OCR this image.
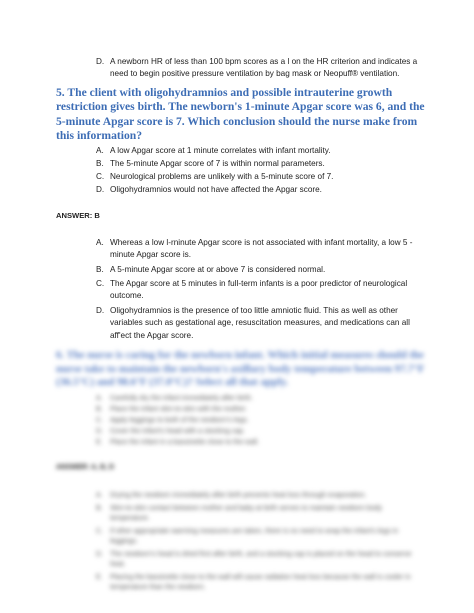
D. A newborn HR of less than 100 bpm scores as a l on the HR criterion and indicates a need to begin positive pressure ventilation by bag mask or Neopuff® ventilation.
5. The client with oligohydramnios and possible intrauterine growth restriction gives birth. The newborn's 1-minute Apgar score was 6, and the 5-minute Apgar score is 7. Which conclusion should the nurse make from this information?
A. A low Apgar score at 1 minute correlates with infant mortality.
B. The 5-minute Apgar score of 7 is within normal parameters.
C. Neurological problems are unlikely with a 5-minute score of 7.
D. Oligohydramnios would not have affected the Apgar score.
ANSWER: B
A. Whereas a low l-rninute Apgar score is not associated with infant mortality, a low 5 - minute Apgar score is.
B. A 5-minute Apgar score at or above 7 is considered normal.
C. The Apgar score at 5 minutes in full-term infants is a poor predictor of neurological outcome.
D. Oligohydramnios is the presence of too little amniotic fluid. This as well as other variables such as gestational age, resuscitation measures, and medications can all aff'ect the Apgar score.
6. The nurse is caring for the newborn infant. Which initial measures should the nurse take to maintain the newborn's axillary body temperature between 97.7°F (36.5°C) and 98.6°F (37.0°C)? Select all that apply.
A. Carefully dry the infant immediately after birth.
B. Place the infant skin-to-skin with the mother.
C. Apply leggings to both of the newborn's legs.
D. Cover the infant's head with a stocking cap.
E. Place the infant in a bassinette close to the wall.
ANSWER: A, B, D
A. Drying the newborn immediately after birth prevents heat loss through evaporation.
B. Skin-to-skin contact between mother and baby at birth serves to maintain newborn body temperature.
C. If other appropriate warming measures are taken, there is no need to wrap the infant's legs in leggings.
D. The newborn's head is dried first after birth, and a stocking cap is placed on the head to conserve heat.
E. Placing the bassinette close to the wall will cause radiation heat loss because the wall is cooler in temperature than the newborn.
